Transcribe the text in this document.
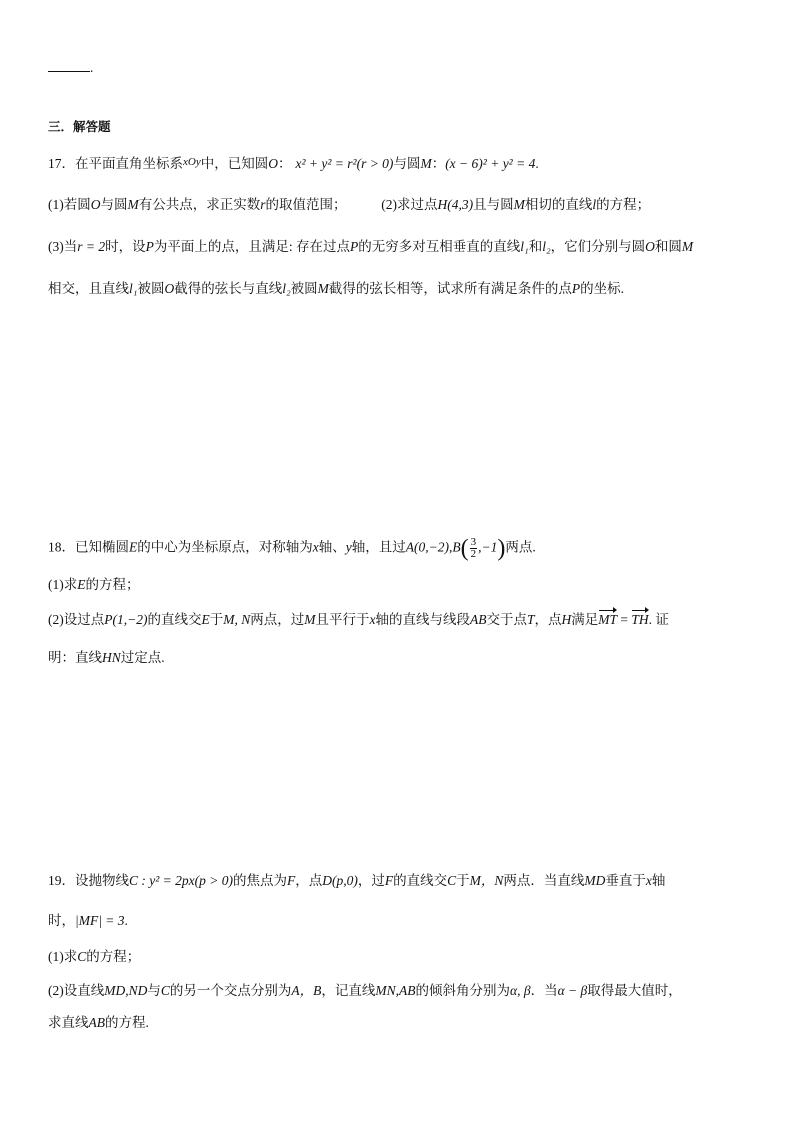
.
三．解答题
17．在平面直角坐标系$^{xOy}$中，已知圆O： x² + y² = r²(r > 0)与圆M：(x − 6)² + y² = 4.
(1)若圆O与圆M有公共点，求正实数r的取值范围；	(2)求过点H(4,3)且与圆M相切的直线l的方程；
(3)当r = 2时，设P为平面上的点，且满足: 存在过点P的无穷多对互相垂直的直线l₁和l₂，它们分别与圆O和圆M
相交，且直线l₁被圆O截得的弦长与直线l₂被圆M截得的弦长相等，试求所有满足条件的点P的坐标.
18．已知椭圆E的中心为坐标原点，对称轴为x轴、y轴，且过$A(0,-2),B( \frac{3}{2} ,-1)$两点.
(1)求E的方程；
(2)设过点P(1,−2)的直线交E于M, N两点，过M且平行于x轴的直线与线段AB交于点T，点H满足MT = TH. 证
明：直线HN过定点.
19．设抛物线C : y² = 2px(p > 0)的焦点为F，点D(p,0)，过F的直线交C于M，N两点．当直线MD垂直于x轴
时，|MF| = 3.
(1)求C的方程；
(2)设直线MD,ND与C的另一个交点分别为A，B，记直线MN,AB的倾斜角分别为α, β．当α − β取得最大值时，
求直线AB的方程.
